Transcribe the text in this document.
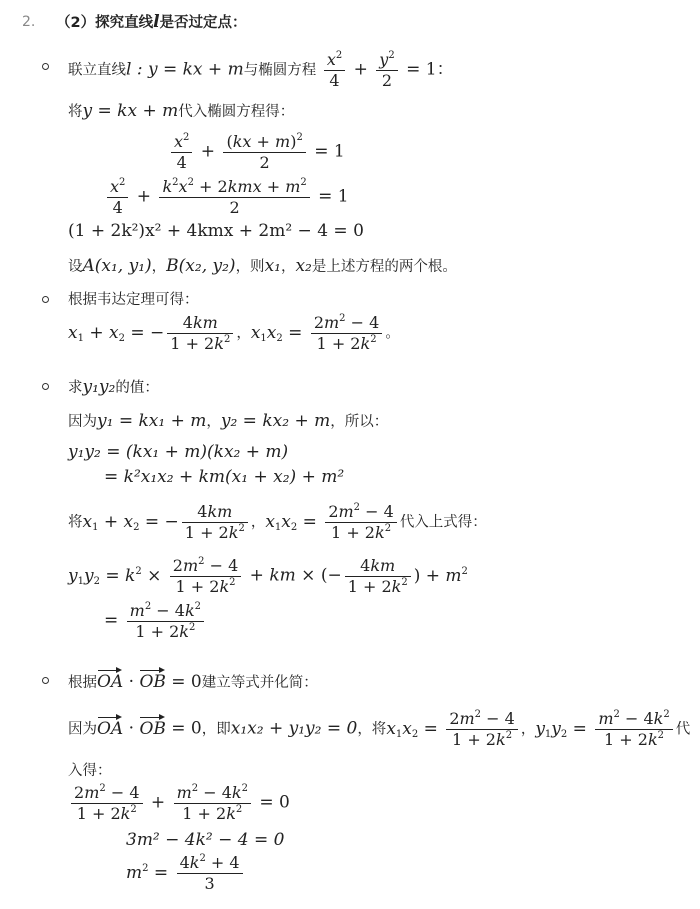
2. （2）探究直线l是否过定点：
联立直线l : y = kx + m与椭圆方程 $\frac{x^2}{4} + \frac{y^2}{2} = 1$：
将y = kx + m代入椭圆方程得：
$\frac{x^2}{4} + \frac{(kx + m)^2}{2} = 1$
$\frac{x^2}{4} + \frac{k^2x^2 + 2kmx + m^2}{2} = 1$
(1 + 2k²)x² + 4kmx + 2m² − 4 = 0
设A(x₁, y₁)，B(x₂, y₂)，则x₁，x₂是上述方程的两个根。
根据韦达定理可得：
$x_1 + x_2$ = − $\frac{4km}{1 + 2k^2}$ ，$x_1x_2 = \frac{2m^2 - 4}{1 + 2k^2}$ 。
求y₁y₂的值：
因为y₁ = kx₁ + m，y₂ = kx₂ + m，所以：
y₁y₂ = (kx₁ + m)(kx₂ + m)
= k²x₁x₂ + km(x₁ + x₂) + m²
将$x_1 + x_2$ = − $\frac{4km}{1 + 2k^2}$ ，$x_1x_2 = \frac{2m^2 - 4}{1 + 2k^2}$ 代入上式得：
$y_1y_2 = k^2 \times \frac{2m^2 - 4}{1 + 2k^2}$ + km × (− $\frac{4km}{1 + 2k^2}$ ) + $m^2$
= $\frac{m^2 - 4k^2}{1 + 2k^2}$
根据OA · OB = 0建立等式并化简：
因为OA · OB = 0，即x₁x₂ + y₁y₂ = 0，将$x_1x_2 = \frac{2m^2 - 4}{1 + 2k^2}$ ，$y_1y_2 = \frac{m^2 - 4k^2}{1 + 2k^2}$ 代
入得：
$\frac{2m^2 - 4}{1 + 2k^2} + \frac{m^2 - 4k^2}{1 + 2k^2} = 0$
3m² − 4k² − 4 = 0
$m^2 = \frac{4k^2 + 4}{3}$
